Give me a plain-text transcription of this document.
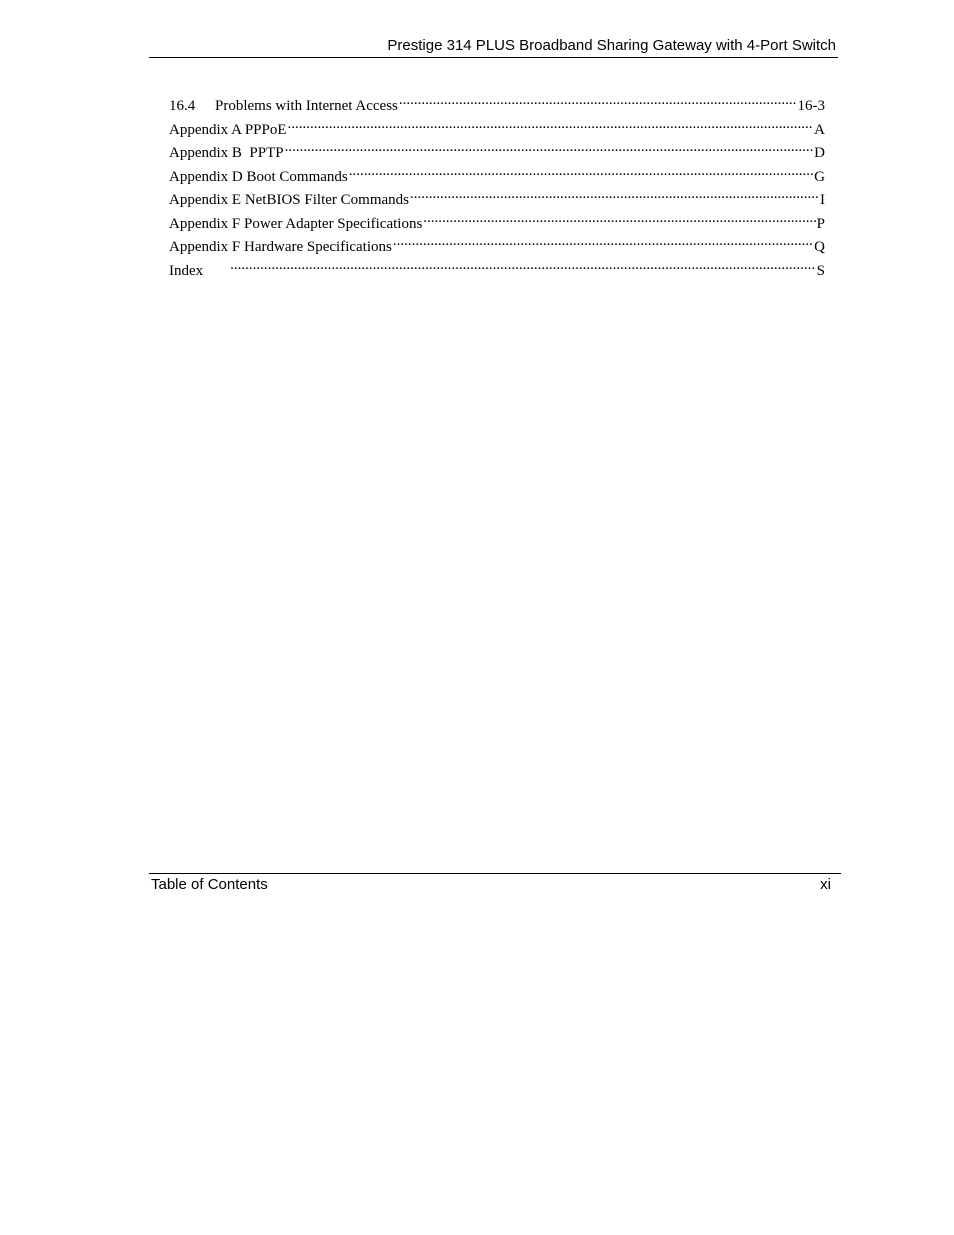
Prestige 314 PLUS Broadband Sharing Gateway with 4-Port Switch
16.4	Problems with Internet Access .....	16-3
Appendix A PPPoE .....	A
Appendix B  PPTP .....	D
Appendix D Boot Commands .....	G
Appendix E NetBIOS Filter Commands .....	I
Appendix F Power Adapter Specifications .....	P
Appendix F Hardware Specifications .....	Q
Index .....	S
Table of Contents	xi
